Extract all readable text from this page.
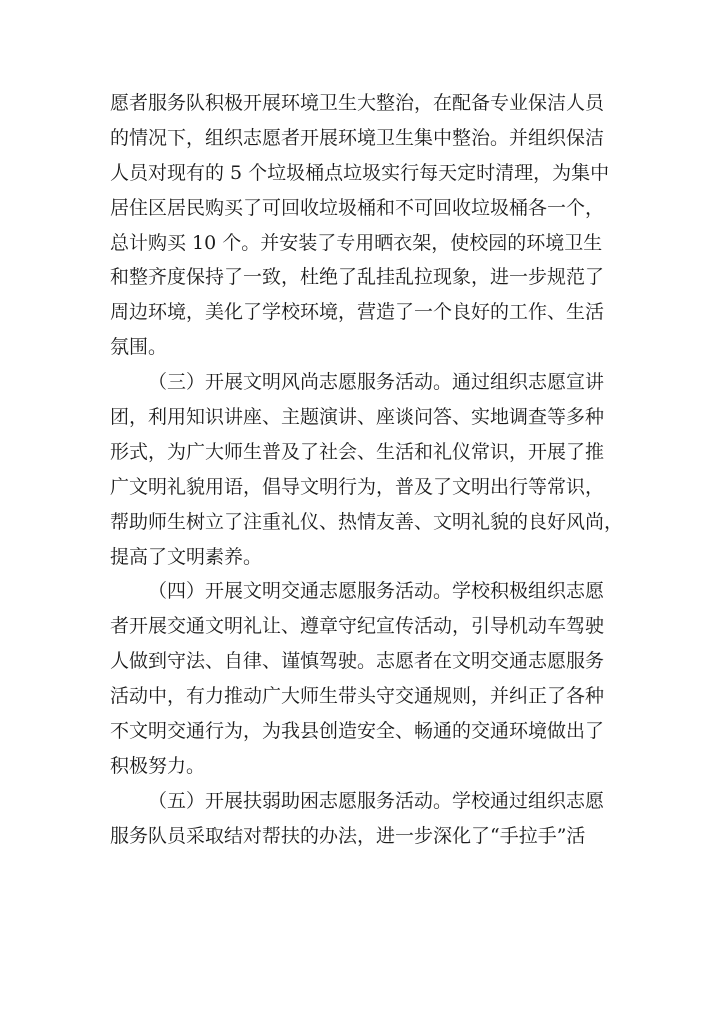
愿者服务队积极开展环境卫生大整治，在配备专业保洁人员
的情况下，组织志愿者开展环境卫生集中整治。并组织保洁
人员对现有的 5 个垃圾桶点垃圾实行每天定时清理，为集中
居住区居民购买了可回收垃圾桶和不可回收垃圾桶各一个，
总计购买 10 个。并安装了专用晒衣架，使校园的环境卫生
和整齐度保持了一致，杜绝了乱挂乱拉现象，进一步规范了
周边环境，美化了学校环境，营造了一个良好的工作、生活
氛围。
（三）开展文明风尚志愿服务活动。通过组织志愿宣讲
团，利用知识讲座、主题演讲、座谈问答、实地调查等多种
形式，为广大师生普及了社会、生活和礼仪常识，开展了推
广文明礼貌用语，倡导文明行为，普及了文明出行等常识，
帮助师生树立了注重礼仪、热情友善、文明礼貌的良好风尚，
提高了文明素养。
（四）开展文明交通志愿服务活动。学校积极组织志愿
者开展交通文明礼让、遵章守纪宣传活动，引导机动车驾驶
人做到守法、自律、谨慎驾驶。志愿者在文明交通志愿服务
活动中，有力推动广大师生带头守交通规则，并纠正了各种
不文明交通行为，为我县创造安全、畅通的交通环境做出了
积极努力。
（五）开展扶弱助困志愿服务活动。学校通过组织志愿
服务队员采取结对帮扶的办法，进一步深化了“手拉手”活
